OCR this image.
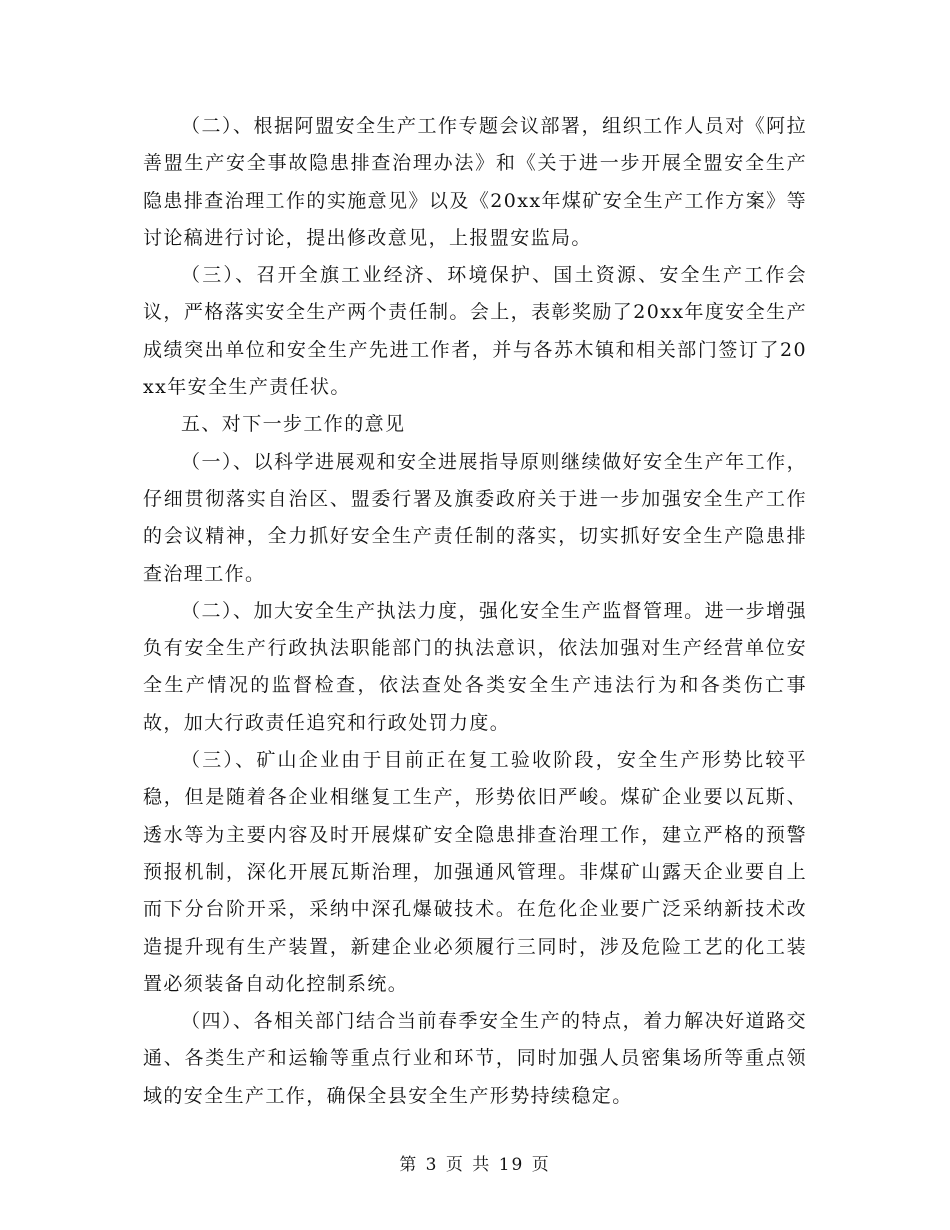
（二）、根据阿盟安全生产工作专题会议部署，组织工作人员对《阿拉善盟生产安全事故隐患排查治理办法》和《关于进一步开展全盟安全生产隐患排查治理工作的实施意见》以及《20xx年煤矿安全生产工作方案》等讨论稿进行讨论，提出修改意见，上报盟安监局。

（三）、召开全旗工业经济、环境保护、国土资源、安全生产工作会议，严格落实安全生产两个责任制。会上，表彰奖励了20xx年度安全生产成绩突出单位和安全生产先进工作者，并与各苏木镇和相关部门签订了20xx年安全生产责任状。

五、对下一步工作的意见

（一）、以科学进展观和安全进展指导原则继续做好安全生产年工作，仔细贯彻落实自治区、盟委行署及旗委政府关于进一步加强安全生产工作的会议精神，全力抓好安全生产责任制的落实，切实抓好安全生产隐患排查治理工作。

（二）、加大安全生产执法力度，强化安全生产监督管理。进一步增强负有安全生产行政执法职能部门的执法意识，依法加强对生产经营单位安全生产情况的监督检查，依法查处各类安全生产违法行为和各类伤亡事故，加大行政责任追究和行政处罚力度。

（三）、矿山企业由于目前正在复工验收阶段，安全生产形势比较平稳，但是随着各企业相继复工生产，形势依旧严峻。煤矿企业要以瓦斯、透水等为主要内容及时开展煤矿安全隐患排查治理工作，建立严格的预警预报机制，深化开展瓦斯治理，加强通风管理。非煤矿山露天企业要自上而下分台阶开采，采纳中深孔爆破技术。在危化企业要广泛采纳新技术改造提升现有生产装置，新建企业必须履行三同时，涉及危险工艺的化工装置必须装备自动化控制系统。

（四）、各相关部门结合当前春季安全生产的特点，着力解决好道路交通、各类生产和运输等重点行业和环节，同时加强人员密集场所等重点领域的安全生产工作，确保全县安全生产形势持续稳定。

第 3 页 共 19 页
